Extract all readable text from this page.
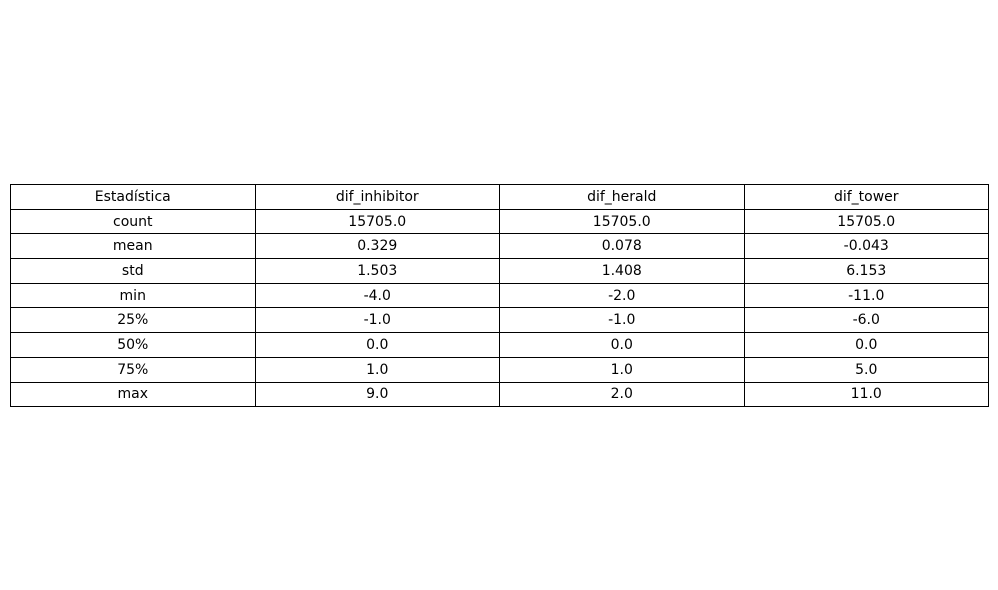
Estadística	dif_inhibitor	dif_herald	dif_tower
count	15705.0	15705.0	15705.0
mean	0.329	0.078	-0.043
std	1.503	1.408	6.153
min	-4.0	-2.0	-11.0
25%	-1.0	-1.0	-6.0
50%	0.0	0.0	0.0
75%	1.0	1.0	5.0
max	9.0	2.0	11.0
